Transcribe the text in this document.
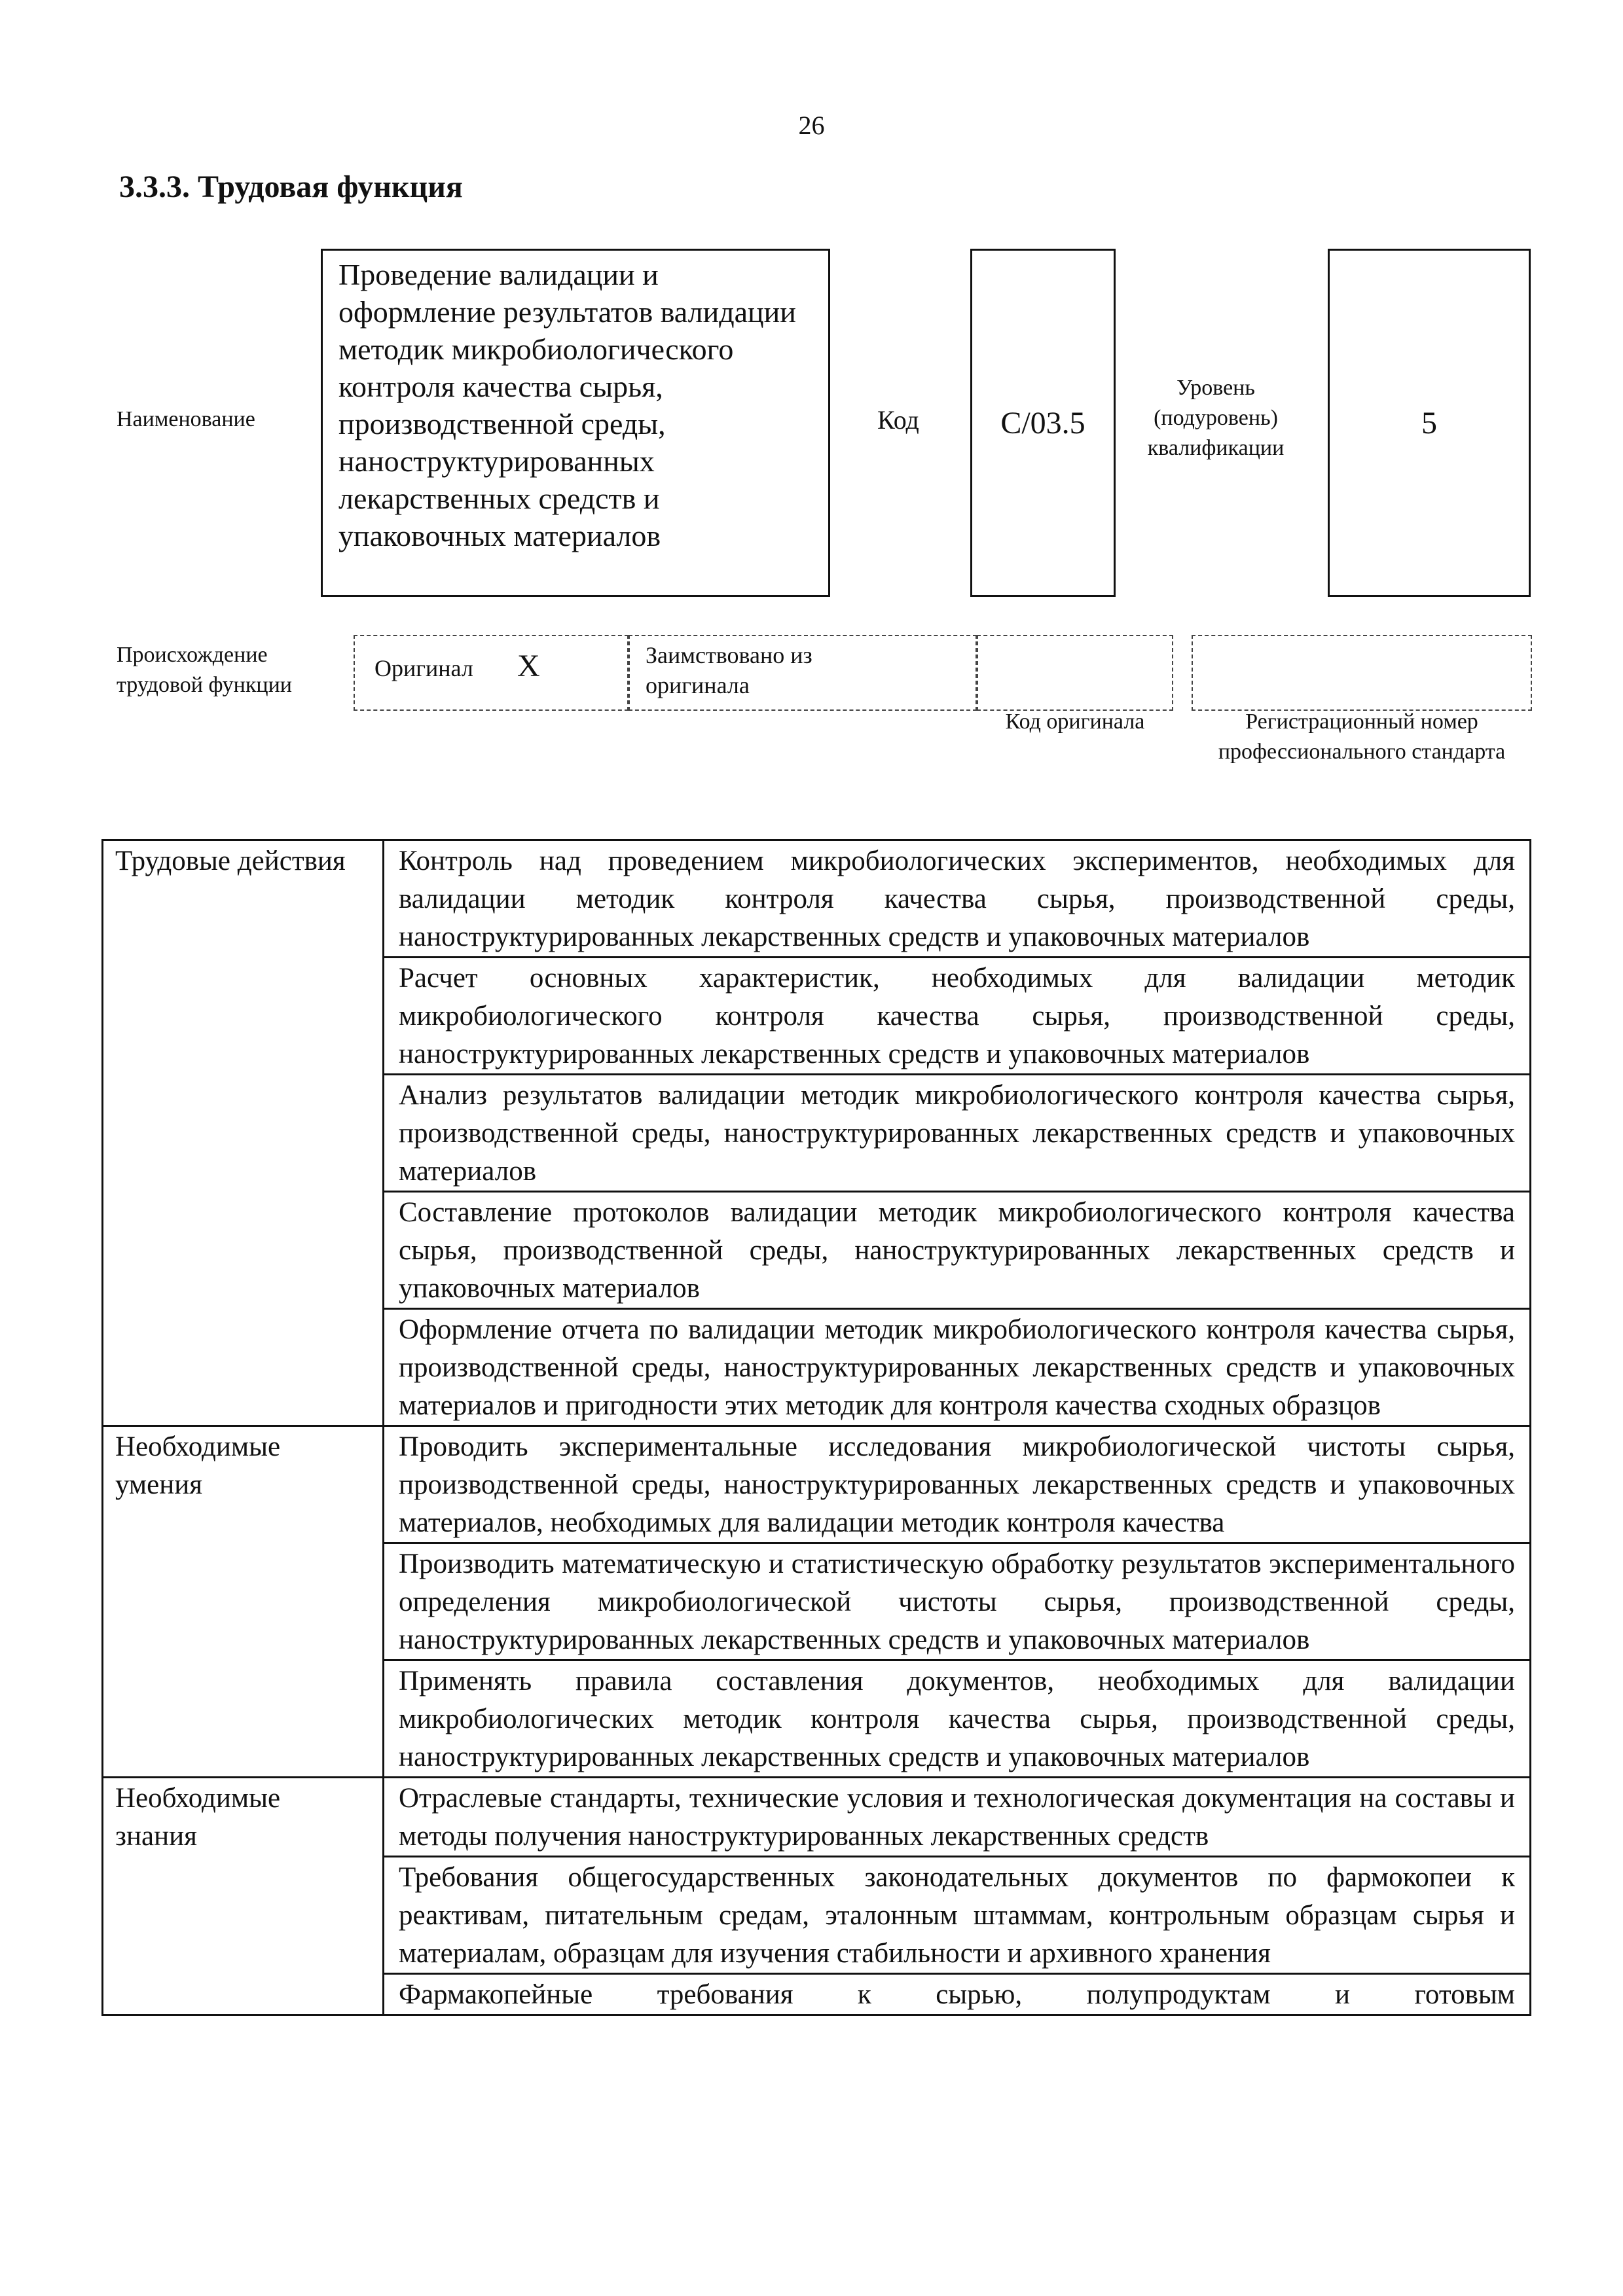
26
3.3.3. Трудовая функция
Наименование
Проведение валидации и оформление результатов валидации методик микробиологического контроля качества сырья, производственной среды, наноструктурированных лекарственных средств и упаковочных материалов
Код	C/03.5
Уровень (подуровень) квалификации
5
Происхождение трудовой функции
Оригинал X	Заимствовано из оригинала
Код оригинала	Регистрационный номер профессионального стандарта
Трудовые действия	Контроль над проведением микробиологических экспериментов, необходимых для валидации методик контроля качества сырья, производственной среды, наноструктурированных лекарственных средств и упаковочных материалов
	Расчет основных характеристик, необходимых для валидации методик микробиологического контроля качества сырья, производственной среды, наноструктурированных лекарственных средств и упаковочных материалов
	Анализ результатов валидации методик микробиологического контроля качества сырья, производственной среды, наноструктурированных лекарственных средств и упаковочных материалов
	Составление протоколов валидации методик микробиологического контроля качества сырья, производственной среды, наноструктурированных лекарственных средств и упаковочных материалов
	Оформление отчета по валидации методик микробиологического контроля качества сырья, производственной среды, наноструктурированных лекарственных средств и упаковочных материалов и пригодности этих методик для контроля качества сходных образцов
Необходимые умения	Проводить экспериментальные исследования микробиологической чистоты сырья, производственной среды, наноструктурированных лекарственных средств и упаковочных материалов, необходимых для валидации методик контроля качества
	Производить математическую и статистическую обработку результатов экспериментального определения микробиологической чистоты сырья, производственной среды, наноструктурированных лекарственных средств и упаковочных материалов
	Применять правила составления документов, необходимых для валидации микробиологических методик контроля качества сырья, производственной среды, наноструктурированных лекарственных средств и упаковочных материалов
Необходимые знания	Отраслевые стандарты, технические условия и технологическая документация на составы и методы получения наноструктурированных лекарственных средств
	Требования общегосударственных законодательных документов по фармокопеи к реактивам, питательным средам, эталонным штаммам, контрольным образцам сырья и материалам, образцам для изучения стабильности и архивного хранения
	Фармакопейные требования к сырью, полупродуктам и готовым
